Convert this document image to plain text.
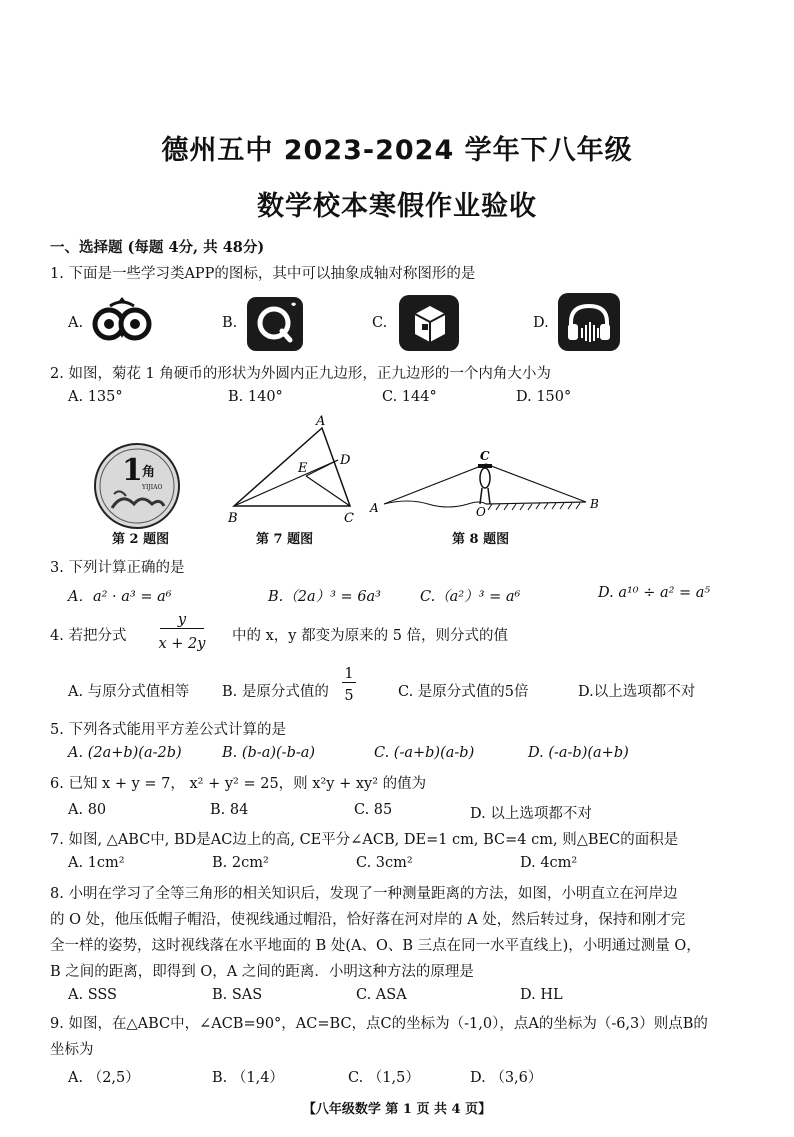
德州五中 2023-2024 学年下八年级
数学校本寒假作业验收
一、选择题 (每题 4分, 共 48分)
1. 下面是一些学习类APP的图标，其中可以抽象成轴对称图形的是
A.	B.	C.	D.
2. 如图，菊花 1 角硬币的形状为外圆内正九边形，正九边形的一个内角大小为
A. 135°	B. 140°	C. 144°	D. 150°
1 角
YIJIAO
第 2 题图
A
B	C
D
E
第 7 题图
C
A	O
B
第 8 题图
3. 下列计算正确的是
A．a² · a³ = a⁶	B.（2a）³ = 6a³	C.（a²）³ = a⁶	D. a¹⁰ ÷ a² = a⁵
4. 若把分式
y
x + 2y	中的 x，y 都变为原来的 5 倍，则分式的值
A. 与原分式值相等 B. 是原分式值的
1
5	C. 是原分式值的5倍	D.以上选项都不对
5. 下列各式能用平方差公式计算的是
A. (2a+b)(a-2b)	B. (b-a)(-b-a)	C. (-a+b)(a-b)	D. (-a-b)(a+b)
6. 已知 x + y = 7， x² + y² = 25，则 x²y + xy² 的值为
A. 80	B. 84	C. 85	D. 以上选项都不对
7. 如图, △ABC中, BD是AC边上的高, CE平分∠ACB, DE=1 cm, BC=4 cm, 则△BEC的面积是
A. 1cm²	B. 2cm²	C. 3cm²	D. 4cm²
8. 小明在学习了全等三角形的相关知识后，发现了一种测量距离的方法，如图，小明直立在河岸边
的 O 处，他压低帽子帽沿，使视线通过帽沿，恰好落在河对岸的 A 处，然后转过身，保持和刚才完
全一样的姿势，这时视线落在水平地面的 B 处(A、O、B 三点在同一水平直线上)，小明通过测量 O，
B 之间的距离，即得到 O，A 之间的距离．小明这种方法的原理是
A. SSS	B. SAS	C. ASA	D. HL
9. 如图，在△ABC中，∠ACB=90°，AC=BC，点C的坐标为（-1,0），点A的坐标为（-6,3）则点B的
坐标为
A. （2,5）	B. （1,4）	C. （1,5）	D. （3,6）
【八年级数学 第 1 页 共 4 页】
